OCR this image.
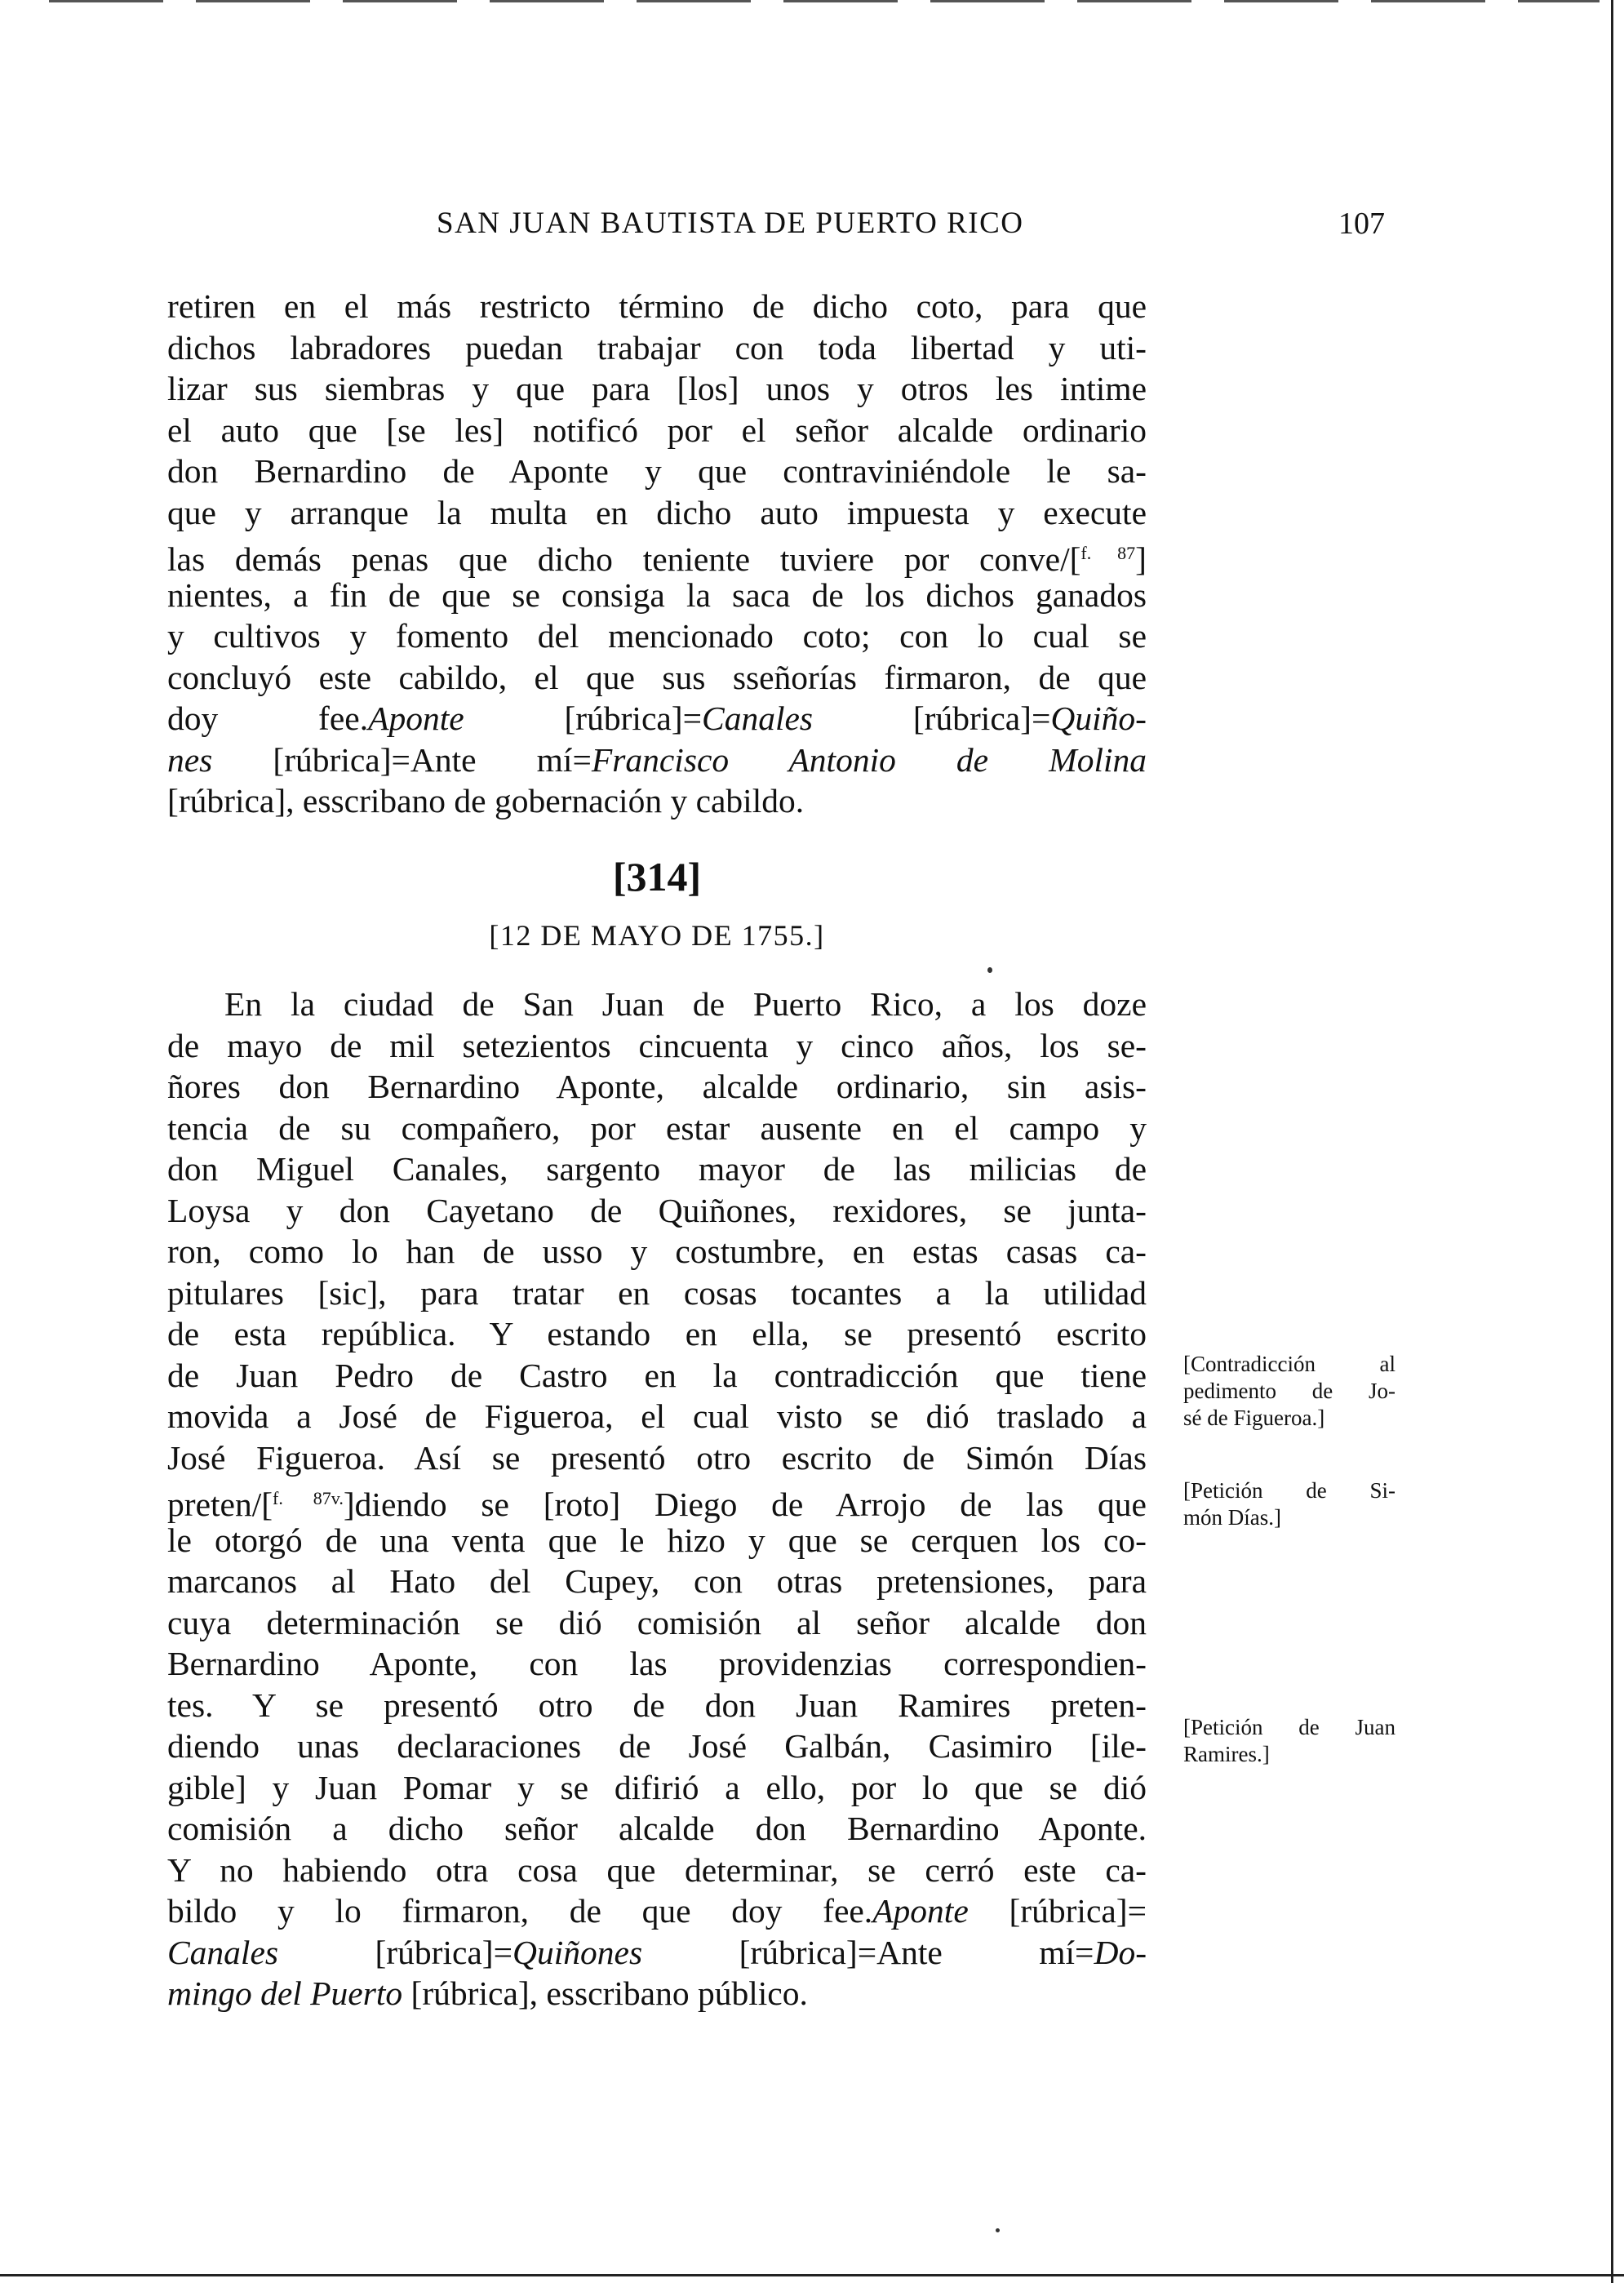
SAN JUAN BAUTISTA DE PUERTO RICO	107
retiren en el más restricto término de dicho coto, para que
dichos labradores puedan trabajar con toda libertad y uti-
lizar sus siembras y que para [los] unos y otros les intime
el auto que [se les] notificó por el señor alcalde ordinario
don Bernardino de Aponte y que contraviniéndole le sa-
que y arranque la multa en dicho auto impuesta y execute
las demás penas que dicho teniente tuviere por conve/[$^{f. 87}$]
nientes, a fin de que se consiga la saca de los dichos ganados
y cultivos y fomento del mencionado coto; con lo cual se
concluyó este cabildo, el que sus sseñorías firmaron, de que
doy fee.Aponte [rúbrica]=Canales [rúbrica]=Quiño-
nes [rúbrica]=Ante mí=Francisco Antonio de Molina
[rúbrica], esscribano de gobernación y cabildo.
[314]
[12 DE MAYO DE 1755.]
En la ciudad de San Juan de Puerto Rico, a los doze
de mayo de mil setezientos cincuenta y cinco años, los se-
ñores don Bernardino Aponte, alcalde ordinario, sin asis-
tencia de su compañero, por estar ausente en el campo y
don Miguel Canales, sargento mayor de las milicias de
Loysa y don Cayetano de Quiñones, rexidores, se junta-
ron, como lo han de usso y costumbre, en estas casas ca-
pitulares [sic], para tratar en cosas tocantes a la utilidad
de esta república. Y estando en ella, se presentó escrito
de Juan Pedro de Castro en la contradicción que tiene
movida a José de Figueroa, el cual visto se dió traslado a
José Figueroa. Así se presentó otro escrito de Simón Días
preten/[$^{f. 87v.}$]diendo se [roto] Diego de Arrojo de las que
le otorgó de una venta que le hizo y que se cerquen los co-
marcanos al Hato del Cupey, con otras pretensiones, para
cuya determinación se dió comisión al señor alcalde don
Bernardino Aponte, con las providenzias correspondien-
tes. Y se presentó otro de don Juan Ramires preten-
diendo unas declaraciones de José Galbán, Casimiro [ile-
gible] y Juan Pomar y se difirió a ello, por lo que se dió
comisión a dicho señor alcalde don Bernardino Aponte.
Y no habiendo otra cosa que determinar, se cerró este ca-
bildo y lo firmaron, de que doy fee.Aponte [rúbrica]=
Canales [rúbrica]=Quiñones [rúbrica]=Ante mí=Do-
mingo del Puerto [rúbrica], esscribano público.
[Contradicción al
pedimento de Jo-
sé de Figueroa.]
[Petición de Si-
món Días.]
[Petición de Juan
Ramires.]
